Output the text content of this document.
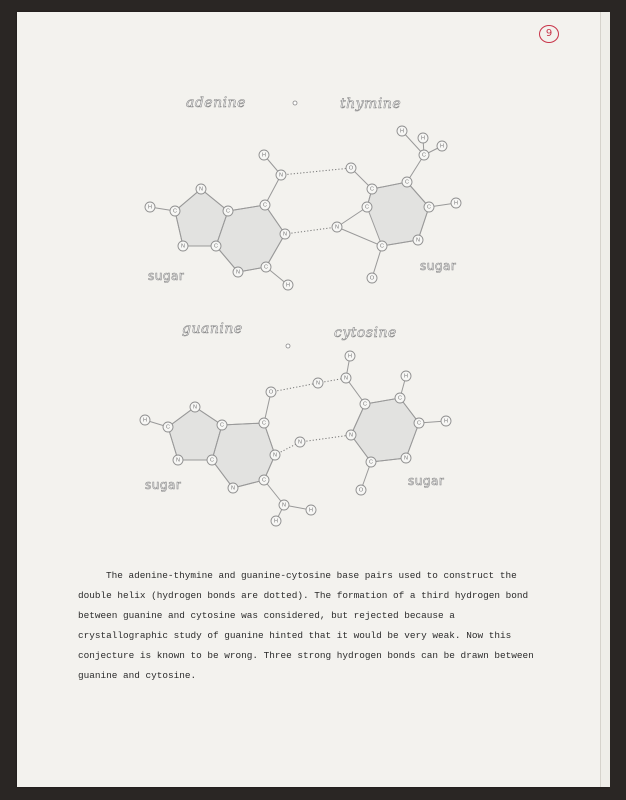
9
adenine	thymine
guanine	cytosine
sugar
sugar
sugar	sugar
H
C
N
C
N	C
C
N
H
N
C
N
H
O
C
C
C
H
H
H
N
C
H
N
C
O
C
H
C
N
C
N	C
C
O
N
C
N
N
H
H
H
N
N
C
C
H
C	H
N
C
O
N
N

The adenine-thymine and guanine-cytosine base pairs used to construct the double helix (hydrogen bonds are dotted). The formation of a third hydrogen bond between guanine and cytosine was considered, but rejected because a crystallographic study of guanine hinted that it would be very weak. Now this conjecture is known to be wrong. Three strong hydrogen bonds can be drawn between guanine and cytosine.
